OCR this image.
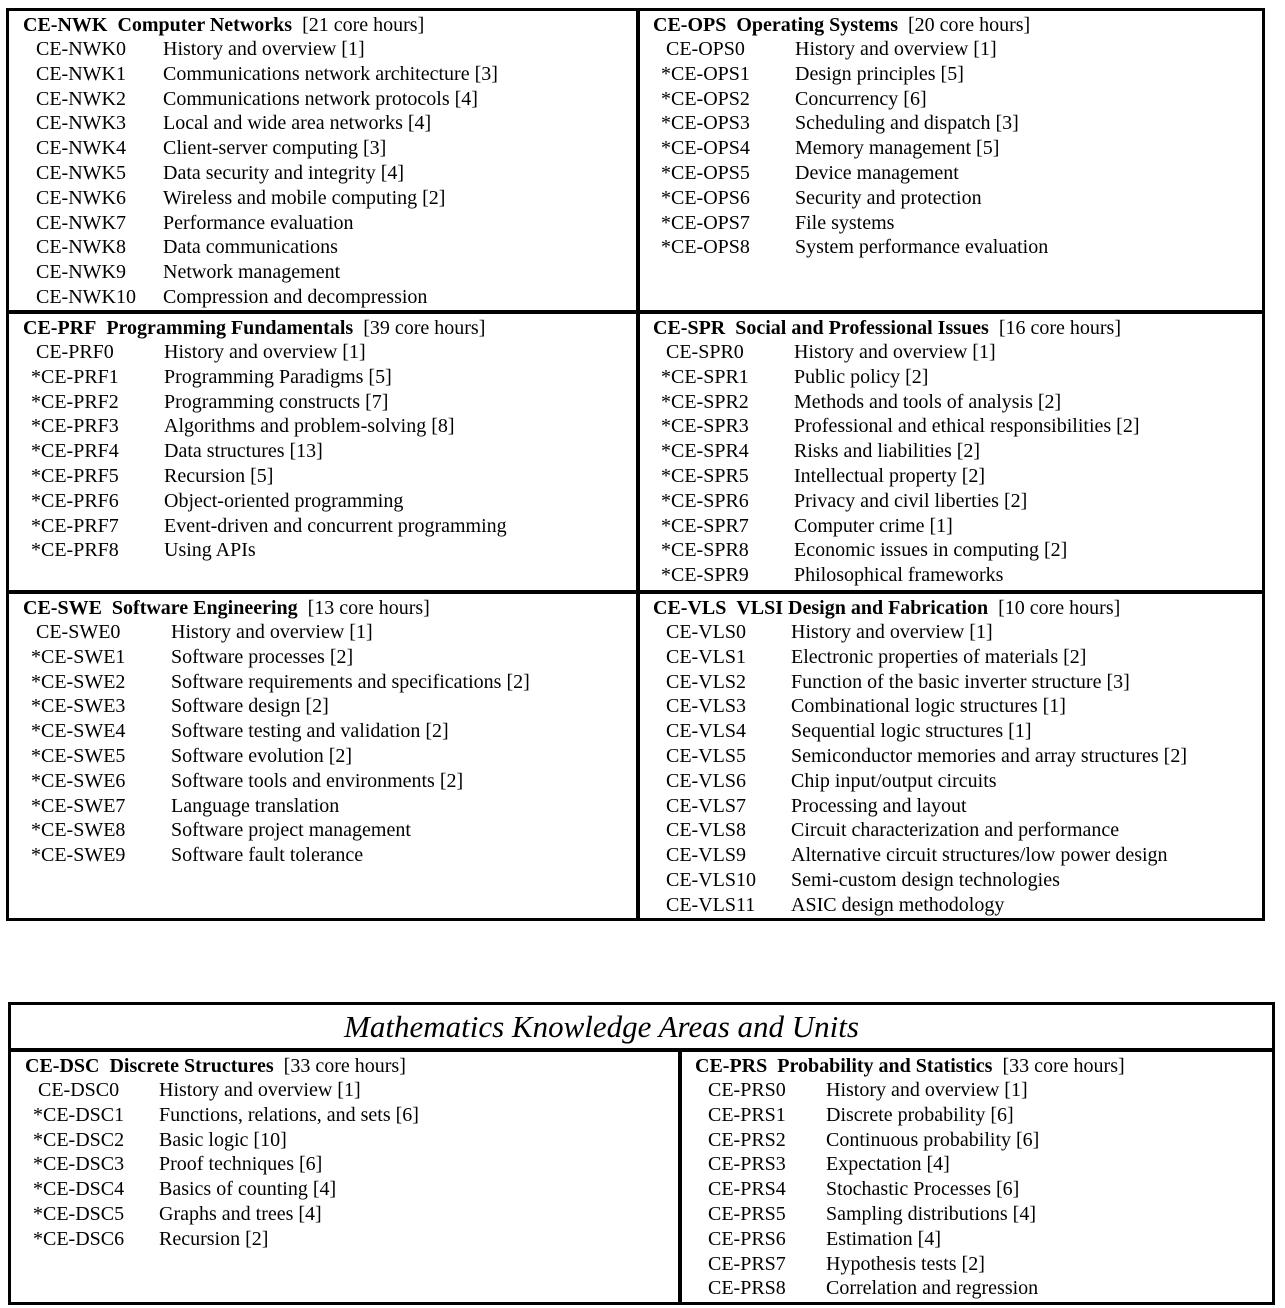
CE-NWK Computer Networks [21 core hours]
CE-NWK0	History and overview [1]
CE-NWK1	Communications network architecture [3]
CE-NWK2	Communications network protocols [4]
CE-NWK3	Local and wide area networks [4]
CE-NWK4	Client-server computing [3]
CE-NWK5	Data security and integrity [4]
CE-NWK6	Wireless and mobile computing [2]
CE-NWK7	Performance evaluation
CE-NWK8	Data communications
CE-NWK9	Network management
CE-NWK10	Compression and decompression
CE-OPS Operating Systems [20 core hours]
CE-OPS0	History and overview [1]
*CE-OPS1	Design principles [5]
*CE-OPS2	Concurrency [6]
*CE-OPS3	Scheduling and dispatch [3]
*CE-OPS4	Memory management [5]
*CE-OPS5	Device management
*CE-OPS6	Security and protection
*CE-OPS7	File systems
*CE-OPS8	System performance evaluation
CE-PRF Programming Fundamentals [39 core hours]
CE-PRF0	History and overview [1]
*CE-PRF1	Programming Paradigms [5]
*CE-PRF2	Programming constructs [7]
*CE-PRF3	Algorithms and problem-solving [8]
*CE-PRF4	Data structures [13]
*CE-PRF5	Recursion [5]
*CE-PRF6	Object-oriented programming
*CE-PRF7	Event-driven and concurrent programming
*CE-PRF8	Using APIs
CE-SPR Social and Professional Issues [16 core hours]
CE-SPR0	History and overview [1]
*CE-SPR1	Public policy [2]
*CE-SPR2	Methods and tools of analysis [2]
*CE-SPR3	Professional and ethical responsibilities [2]
*CE-SPR4	Risks and liabilities [2]
*CE-SPR5	Intellectual property [2]
*CE-SPR6	Privacy and civil liberties [2]
*CE-SPR7	Computer crime [1]
*CE-SPR8	Economic issues in computing [2]
*CE-SPR9	Philosophical frameworks
CE-SWE Software Engineering [13 core hours]
CE-SWE0	History and overview [1]
*CE-SWE1	Software processes [2]
*CE-SWE2	Software requirements and specifications [2]
*CE-SWE3	Software design [2]
*CE-SWE4	Software testing and validation [2]
*CE-SWE5	Software evolution [2]
*CE-SWE6	Software tools and environments [2]
*CE-SWE7	Language translation
*CE-SWE8	Software project management
*CE-SWE9	Software fault tolerance
CE-VLS VLSI Design and Fabrication [10 core hours]
CE-VLS0	History and overview [1]
CE-VLS1	Electronic properties of materials [2]
CE-VLS2	Function of the basic inverter structure [3]
CE-VLS3	Combinational logic structures [1]
CE-VLS4	Sequential logic structures [1]
CE-VLS5	Semiconductor memories and array structures [2]
CE-VLS6	Chip input/output circuits
CE-VLS7	Processing and layout
CE-VLS8	Circuit characterization and performance
CE-VLS9	Alternative circuit structures/low power design
CE-VLS10	Semi-custom design technologies
CE-VLS11	ASIC design methodology
Mathematics Knowledge Areas and Units
CE-DSC Discrete Structures [33 core hours]
CE-DSC0	History and overview [1]
*CE-DSC1	Functions, relations, and sets [6]
*CE-DSC2	Basic logic [10]
*CE-DSC3	Proof techniques [6]
*CE-DSC4	Basics of counting [4]
*CE-DSC5	Graphs and trees [4]
*CE-DSC6	Recursion [2]
CE-PRS Probability and Statistics [33 core hours]
CE-PRS0	History and overview [1]
CE-PRS1	Discrete probability [6]
CE-PRS2	Continuous probability [6]
CE-PRS3	Expectation [4]
CE-PRS4	Stochastic Processes [6]
CE-PRS5	Sampling distributions [4]
CE-PRS6	Estimation [4]
CE-PRS7	Hypothesis tests [2]
CE-PRS8	Correlation and regression
